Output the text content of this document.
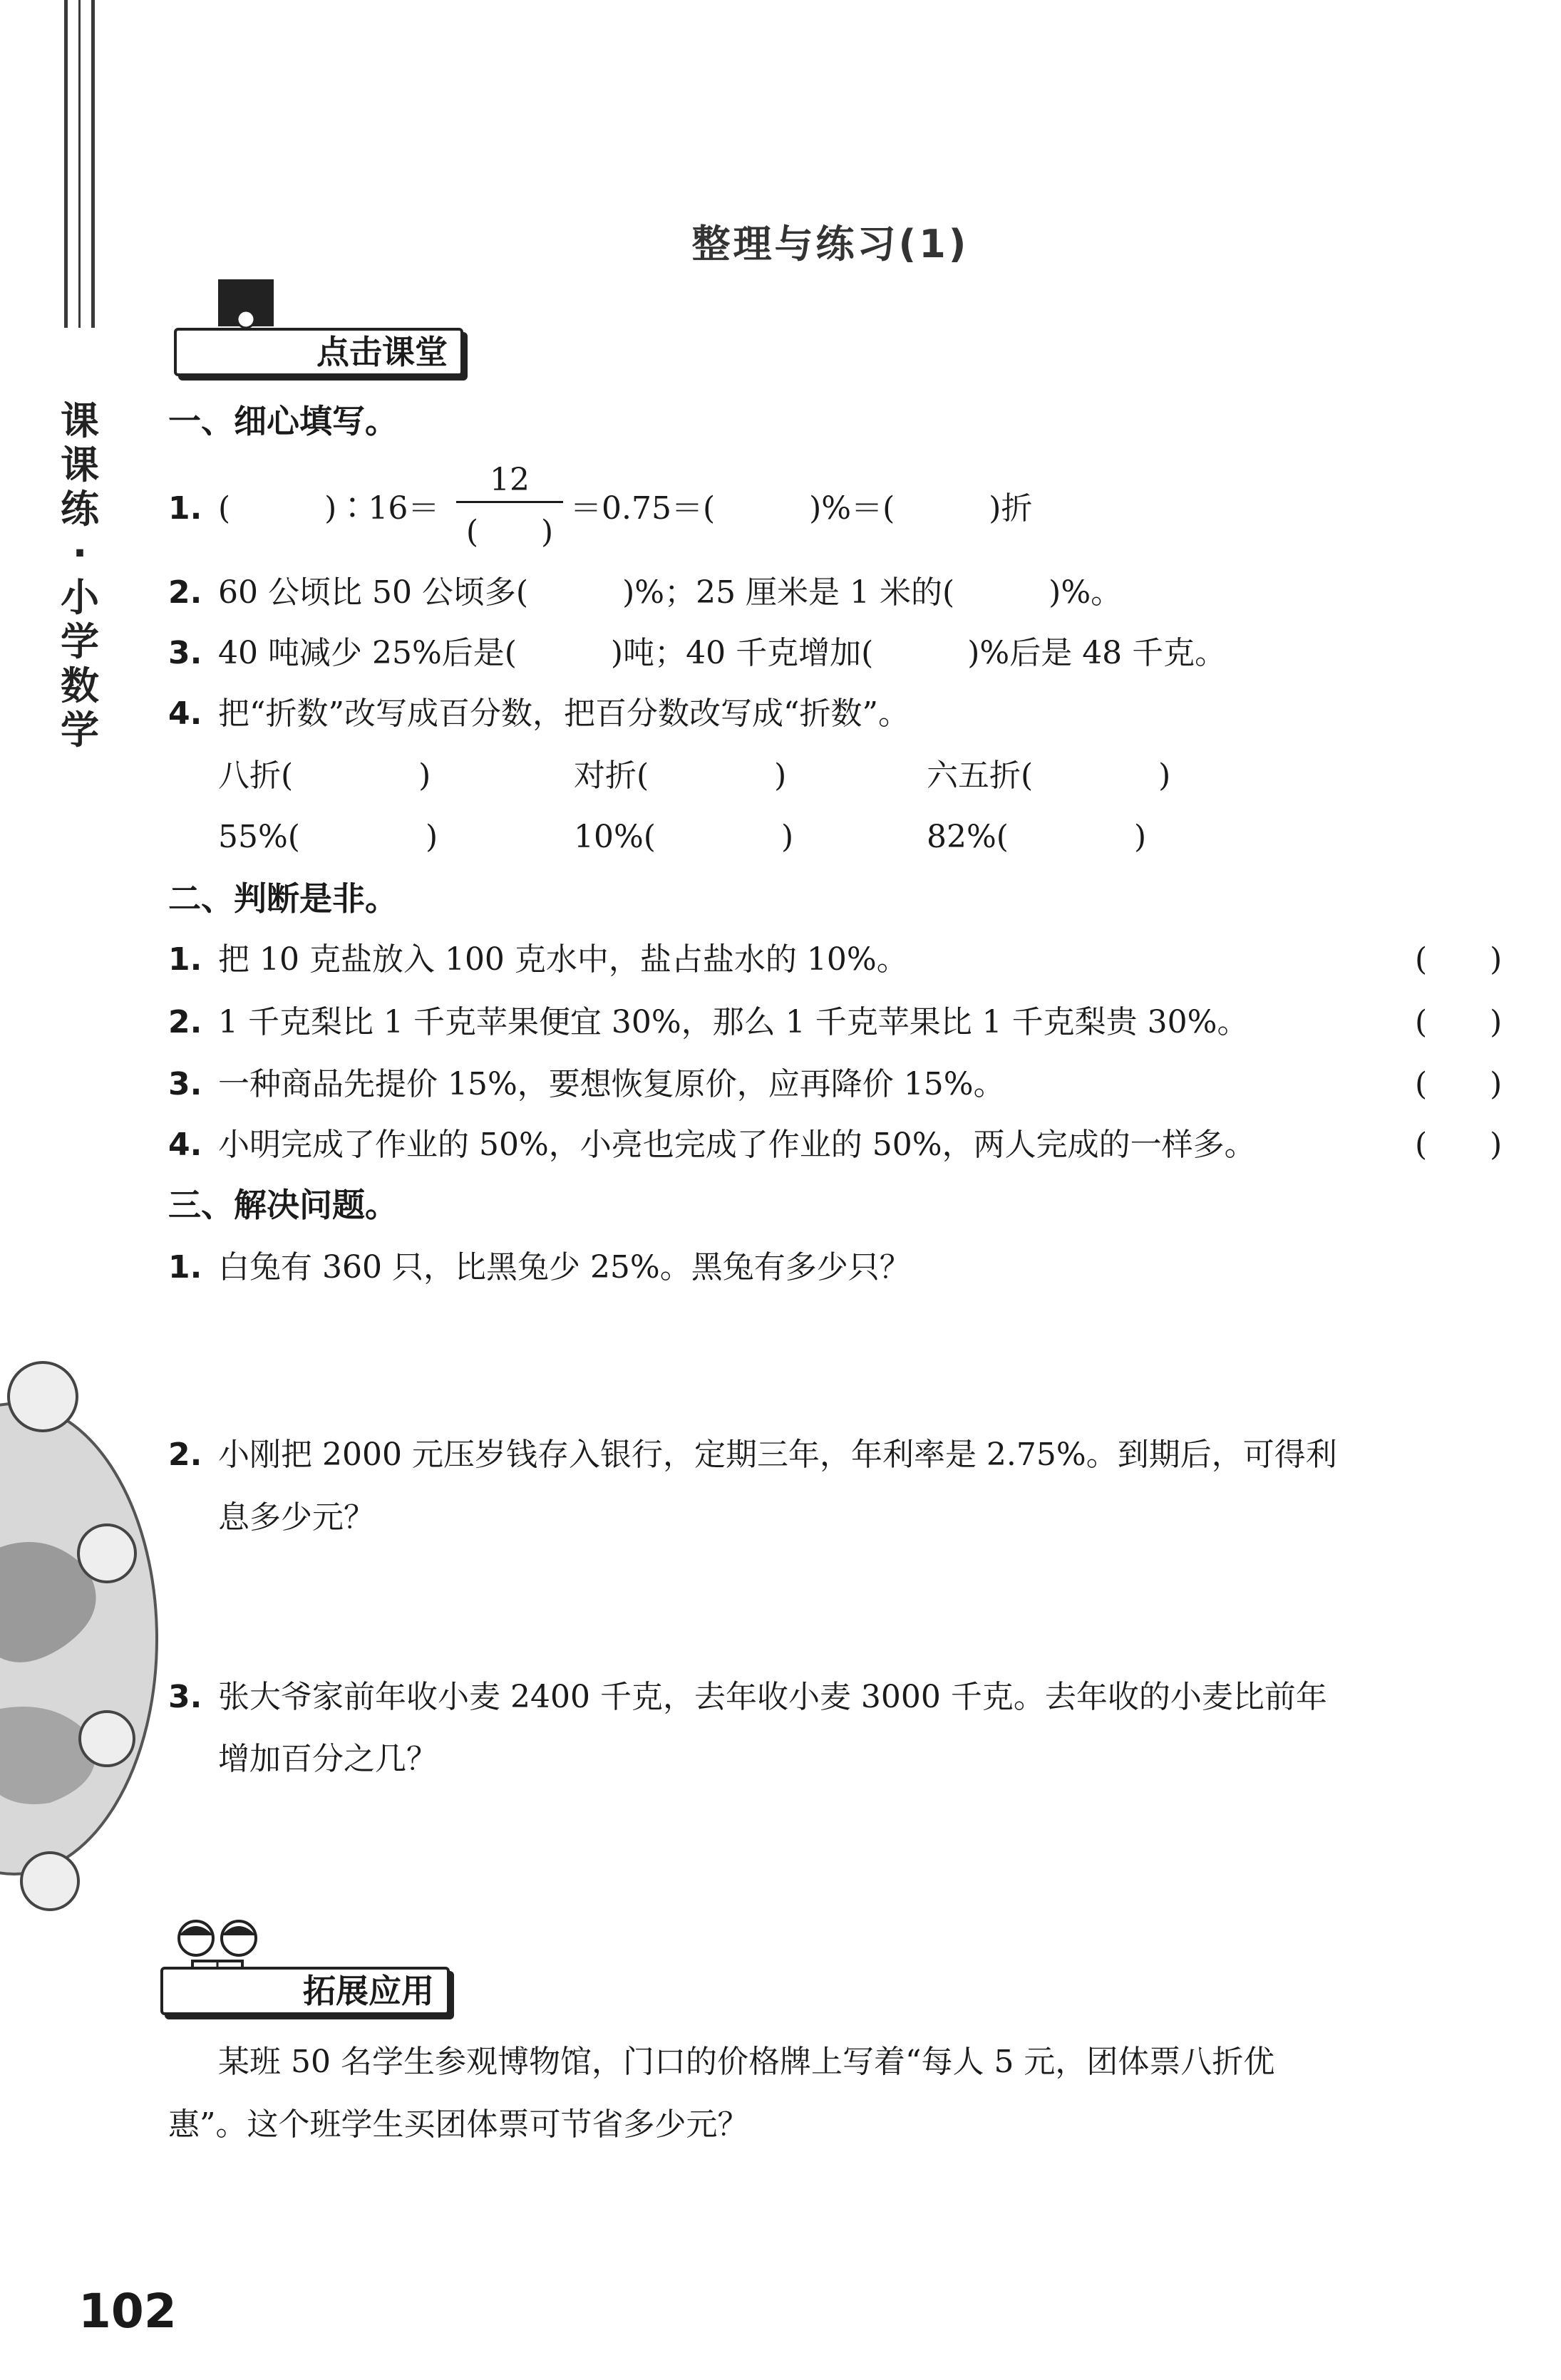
课
课
练
·
小
学
数
学
整理与练习(1)
点击课堂
一、细心填写。
1. (　　　)∶16＝
12
(　　)
＝0.75＝(　　　)%＝(　　　)折
2. 60 公顷比 50 公顷多(　　　)%；25 厘米是 1 米的(　　　)%。
3. 40 吨减少 25%后是(　　　)吨；40 千克增加(　　　)%后是 48 千克。
4. 把“折数”改写成百分数，把百分数改写成“折数”。
八折(　　　　)	对折(　　　　)	六五折(　　　　)
55%(　　　　)	10%(　　　　)	82%(　　　　)
二、判断是非。
1. 把 10 克盐放入 100 克水中，盐占盐水的 10%。	(　　)
2. 1 千克梨比 1 千克苹果便宜 30%，那么 1 千克苹果比 1 千克梨贵 30%。	(　　)
3. 一种商品先提价 15%，要想恢复原价，应再降价 15%。	(　　)
4. 小明完成了作业的 50%，小亮也完成了作业的 50%，两人完成的一样多。	(　　)
三、解决问题。
1. 白兔有 360 只，比黑兔少 25%。黑兔有多少只？
2. 小刚把 2000 元压岁钱存入银行，定期三年，年利率是 2.75%。到期后，可得利
息多少元？
3. 张大爷家前年收小麦 2400 千克，去年收小麦 3000 千克。去年收的小麦比前年
增加百分之几？
拓展应用
某班 50 名学生参观博物馆，门口的价格牌上写着“每人 5 元，团体票八折优
惠”。这个班学生买团体票可节省多少元？
102
